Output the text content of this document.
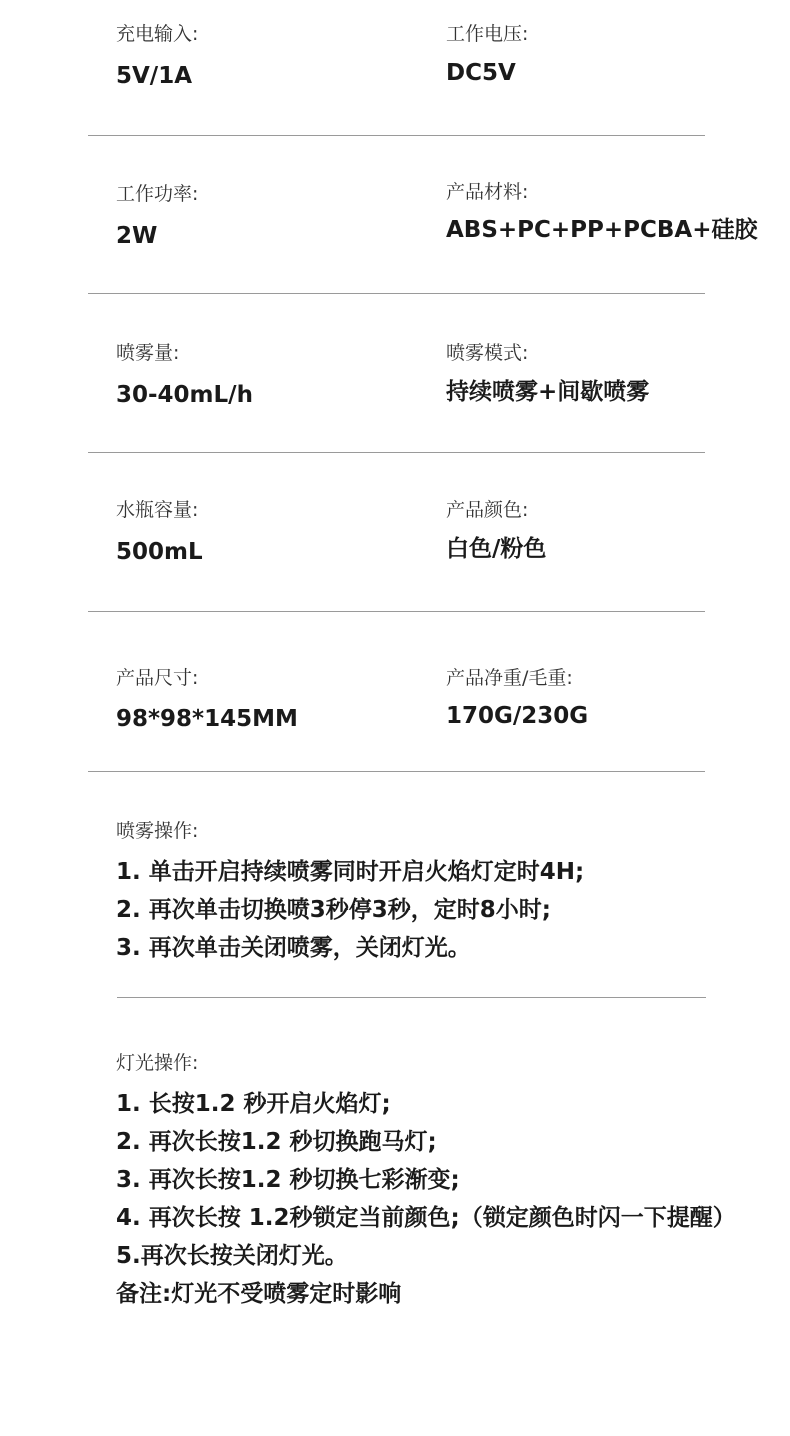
充电输入:
5V/1A
工作电压:
DC5V
工作功率:
2W
产品材料:
ABS+PC+PP+PCBA+硅胶
喷雾量:
30-40mL/h
喷雾模式:
持续喷雾+间歇喷雾
水瓶容量:
500mL
产品颜色:
白色/粉色
产品尺寸:
98*98*145MM
产品净重/毛重:
170G/230G
喷雾操作:
1. 单击开启持续喷雾同时开启火焰灯定时4H;
2. 再次单击切换喷3秒停3秒，定时8小时;
3. 再次单击关闭喷雾，关闭灯光。
灯光操作:
1. 长按1.2 秒开启火焰灯;
2. 再次长按1.2 秒切换跑马灯;
3. 再次长按1.2 秒切换七彩渐变;
4. 再次长按 1.2秒锁定当前颜色;（锁定颜色时闪一下提醒）
5.再次长按关闭灯光。
备注:灯光不受喷雾定时影响
